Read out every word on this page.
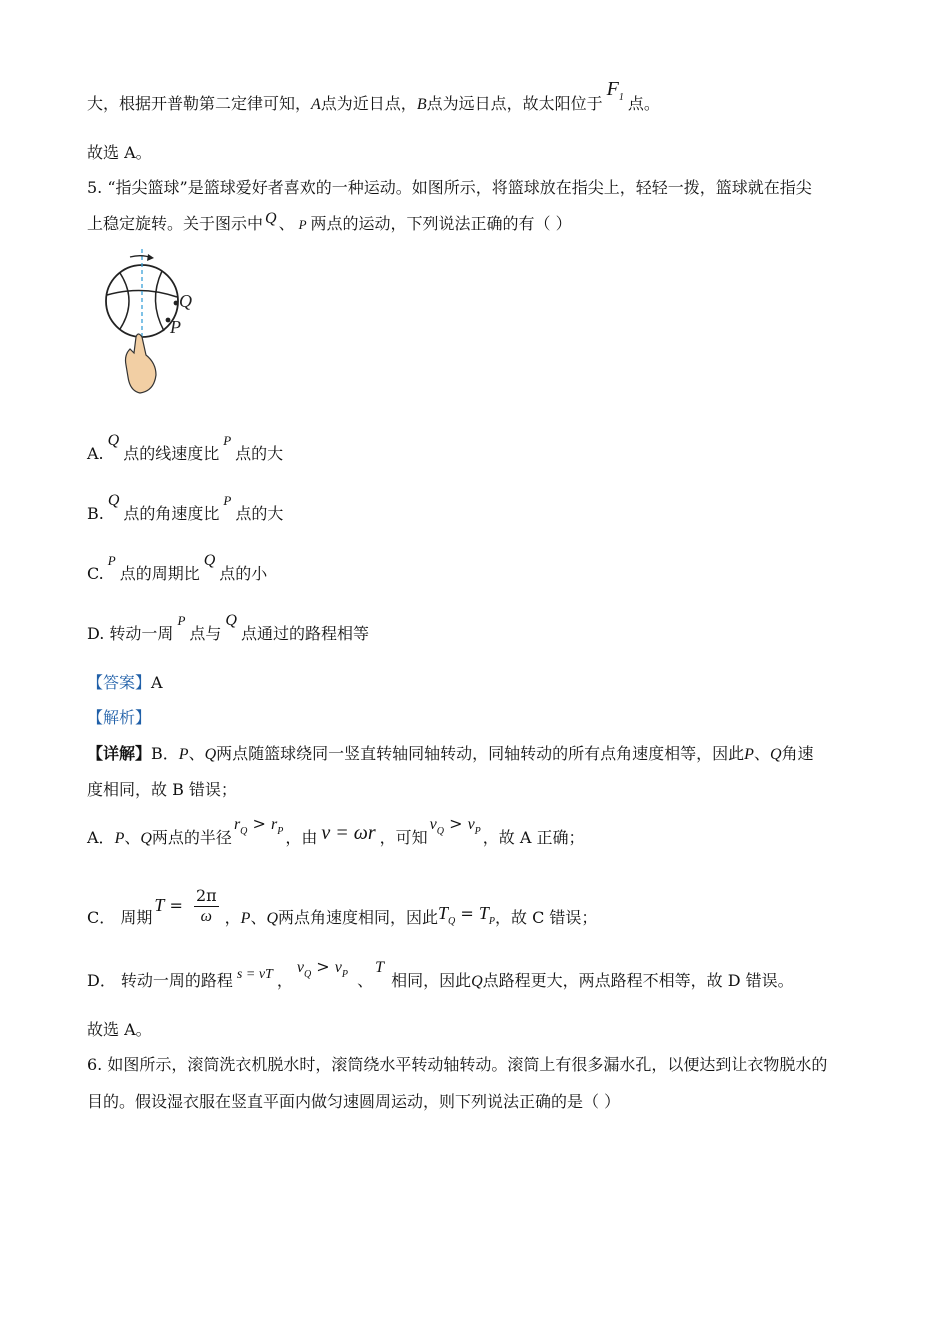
大，根据开普勒第二定律可知，A点为近日点，B点为远日点，故太阳位于$F_1$ 点。
故选 A。
5. “指尖篮球”是篮球爱好者喜欢的一种运动。如图所示，将篮球放在指尖上，轻轻一拨，篮球就在指尖
上稳定旋转。关于图示中 Q 、 P 两点的运动，下列说法正确的有（ ）
Q
P
A.Q点的线速度比$^P$点的大
B.Q点的角速度比$^P$点的大
C.$^P$点的周期比Q点的小
D. 转动一周$^P$点与Q点通过的路程相等
【答案】A
【解析】
【详解】B．P、Q两点随篮球绕同一竖直转轴同轴转动，同轴转动的所有点角速度相等，因此P、Q角速
度相同，故 B 错误；
A．P、Q两点的半径$r_Q > r_P$ ，由 v = ωr ，可知$v_Q > v_P$ ，故 A 正确；
C． 周期$T = \frac{2\pi}{\omega}$ ，P、Q两点角速度相同，因此$T_Q = T_P$，故 C 错误；
D． 转动一周的路程 s = vT ，$v_Q > v_P$ 、T 相同，因此Q点路程更大，两点路程不相等，故 D 错误。
故选 A。
6. 如图所示，滚筒洗衣机脱水时，滚筒绕水平转动轴转动。滚筒上有很多漏水孔，以便达到让衣物脱水的
目的。假设湿衣服在竖直平面内做匀速圆周运动，则下列说法正确的是（ ）
